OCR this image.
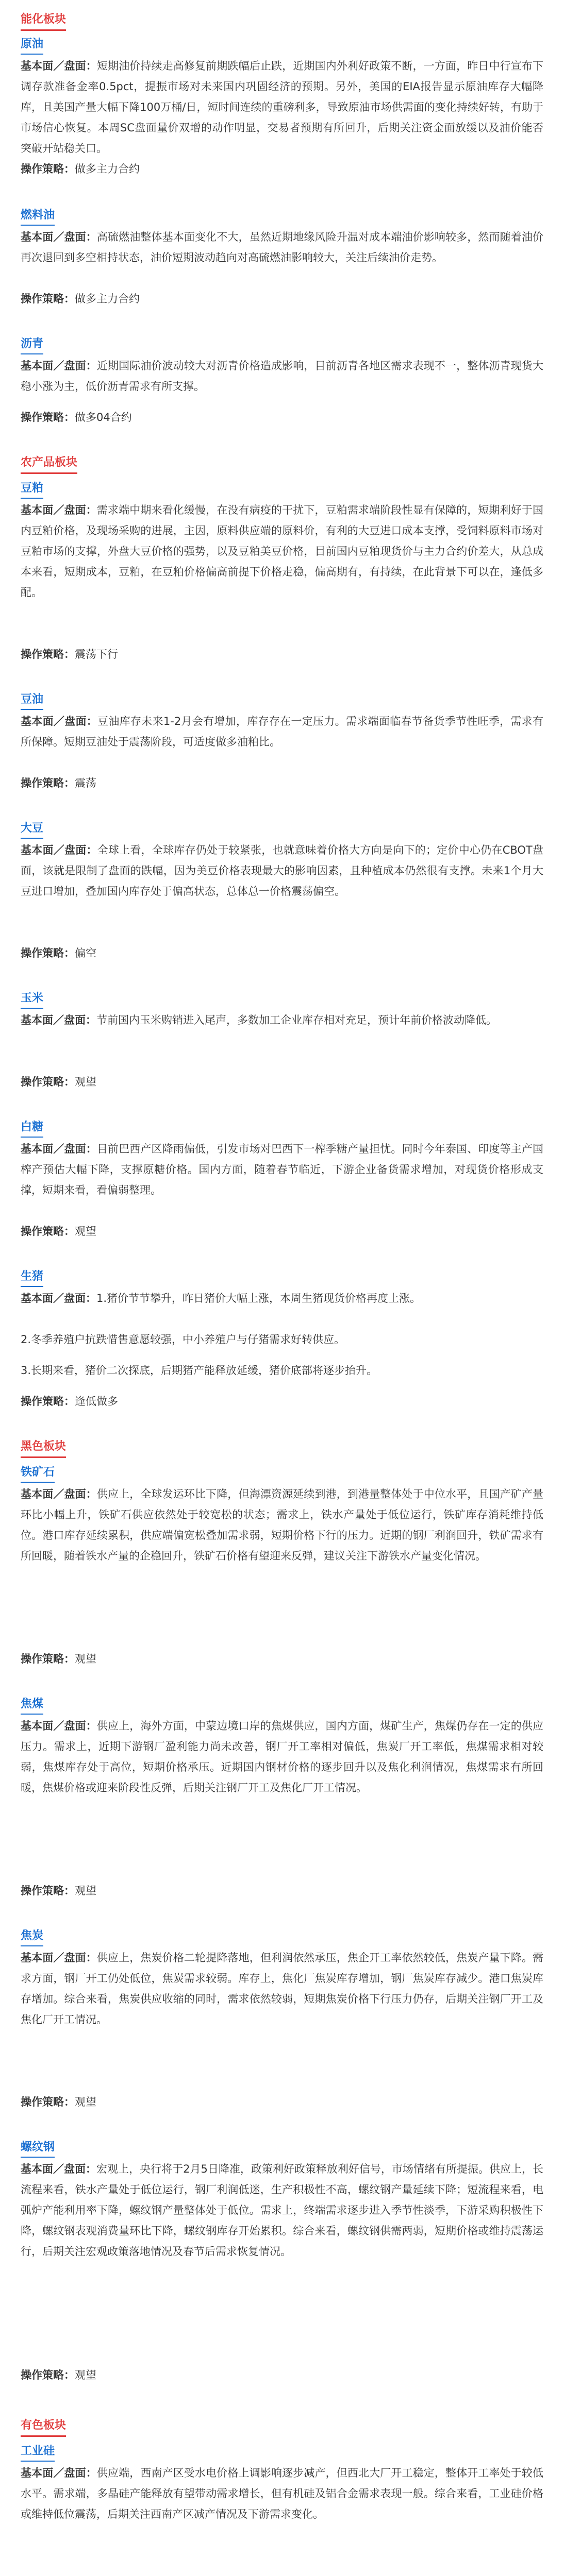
能化板块
原油

基本面／盘面：短期油价持续走高修复前期跌幅后止跌，近期国内外利好政策不断，一方面，昨日中行宣布下调存款准备金率0.5pct，提振市场对未来国内巩固经济的预期。另外，美国的EIA报告显示原油库存大幅降库，且美国产量大幅下降100万桶/日，短时间连续的重磅利多，导致原油市场供需面的变化持续好转，有助于市场信心恢复。本周SC盘面量价双增的动作明显，交易者预期有所回升，后期关注资金面放缓以及油价能否突破开站稳关口。

操作策略：做多主力合约
燃料油

基本面／盘面：高硫燃油整体基本面变化不大，虽然近期地缘风险升温对成本端油价影响较多，然而随着油价再次退回到多空相持状态，油价短期波动趋向对高硫燃油影响较大，关注后续油价走势。

操作策略：做多主力合约
沥青

基本面／盘面：近期国际油价波动较大对沥青价格造成影响，目前沥青各地区需求表现不一，整体沥青现货大稳小涨为主，低价沥青需求有所支撑。

操作策略：做多04合约
农产品板块
豆粕

基本面／盘面：需求端中期来看化缓慢，在没有病疫的干扰下，豆粕需求端阶段性显有保障的，短期利好于国内豆粕价格，及现场采购的进展，主因，原料供应端的原料价，有利的大豆进口成本支撑，受饲料原料市场对豆粕市场的支撑，外盘大豆价格的强势，以及豆粕美豆价格，目前国内豆粕现货价与主力合约价差大，从总成本来看，短期成本，豆粕，在豆粕价格偏高前提下价格走稳，偏高期有，有持续，在此背景下可以在，逢低多配。

操作策略：震荡下行
豆油

基本面／盘面：豆油库存未来1-2月会有增加，库存存在一定压力。需求端面临春节备货季节性旺季，需求有所保障。短期豆油处于震荡阶段，可适度做多油粕比。

操作策略：震荡
大豆

基本面／盘面：全球上看，全球库存仍处于较紧张，也就意味着价格大方向是向下的；定价中心仍在CBOT盘面，该就是限制了盘面的跌幅，因为美豆价格表现最大的影响因素，且种植成本仍然很有支撑。未来1个月大豆进口增加，叠加国内库存处于偏高状态，总体总一价格震荡偏空。

操作策略：偏空
玉米

基本面／盘面：节前国内玉米购销进入尾声，多数加工企业库存相对充足，预计年前价格波动降低。

操作策略：观望
白糖

基本面／盘面：目前巴西产区降雨偏低，引发市场对巴西下一榨季糖产量担忧。同时今年泰国、印度等主产国榨产预估大幅下降，支撑原糖价格。国内方面，随着春节临近，下游企业备货需求增加，对现货价格形成支撑，短期来看，看偏弱整理。

操作策略：观望
生猪

基本面／盘面：1.猪价节节攀升，昨日猪价大幅上涨，本周生猪现货价格再度上涨。

2.冬季养殖户抗跌惜售意愿较强，中小养殖户与仔猪需求好转供应。

3.长期来看，猪价二次探底，后期猪产能释放延缓，猪价底部将逐步抬升。

操作策略：逢低做多
黑色板块
铁矿石

基本面／盘面：供应上，全球发运环比下降，但海漂资源延续到港，到港量整体处于中位水平，且国产矿产量环比小幅上升，铁矿石供应依然处于较宽松的状态；需求上，铁水产量处于低位运行，铁矿库存消耗维持低位。港口库存延续累积，供应端偏宽松叠加需求弱，短期价格下行的压力。近期的钢厂利润回升，铁矿需求有所回暖，随着铁水产量的企稳回升，铁矿石价格有望迎来反弹，建议关注下游铁水产量变化情况。

操作策略：观望
焦煤

基本面／盘面：供应上，海外方面，中蒙边境口岸的焦煤供应，国内方面，煤矿生产，焦煤仍存在一定的供应压力。需求上，近期下游钢厂盈利能力尚未改善，钢厂开工率相对偏低，焦炭厂开工率低，焦煤需求相对较弱，焦煤库存处于高位，短期价格承压。近期国内钢材价格的逐步回升以及焦化利润情况，焦煤需求有所回暖，焦煤价格或迎来阶段性反弹，后期关注钢厂开工及焦化厂开工情况。

操作策略：观望
焦炭

基本面／盘面：供应上，焦炭价格二轮提降落地，但利润依然承压，焦企开工率依然较低，焦炭产量下降。需求方面，钢厂开工仍处低位，焦炭需求较弱。库存上，焦化厂焦炭库存增加，钢厂焦炭库存减少。港口焦炭库存增加。综合来看，焦炭供应收缩的同时，需求依然较弱，短期焦炭价格下行压力仍存，后期关注钢厂开工及焦化厂开工情况。

操作策略：观望
螺纹钢

基本面／盘面：宏观上，央行将于2月5日降准，政策利好政策释放利好信号，市场情绪有所提振。供应上，长流程来看，铁水产量处于低位运行，钢厂利润低迷，生产积极性不高，螺纹钢产量延续下降；短流程来看，电弧炉产能利用率下降，螺纹钢产量整体处于低位。需求上，终端需求逐步进入季节性淡季，下游采购积极性下降，螺纹钢表观消费量环比下降，螺纹钢库存开始累积。综合来看，螺纹钢供需两弱，短期价格或维持震荡运行，后期关注宏观政策落地情况及春节后需求恢复情况。

操作策略：观望
有色板块
工业硅

基本面／盘面：供应端，西南产区受水电价格上调影响逐步减产，但西北大厂开工稳定，整体开工率处于较低水平。需求端，多晶硅产能释放有望带动需求增长，但有机硅及铝合金需求表现一般。综合来看，工业硅价格或维持低位震荡，后期关注西南产区减产情况及下游需求变化。
